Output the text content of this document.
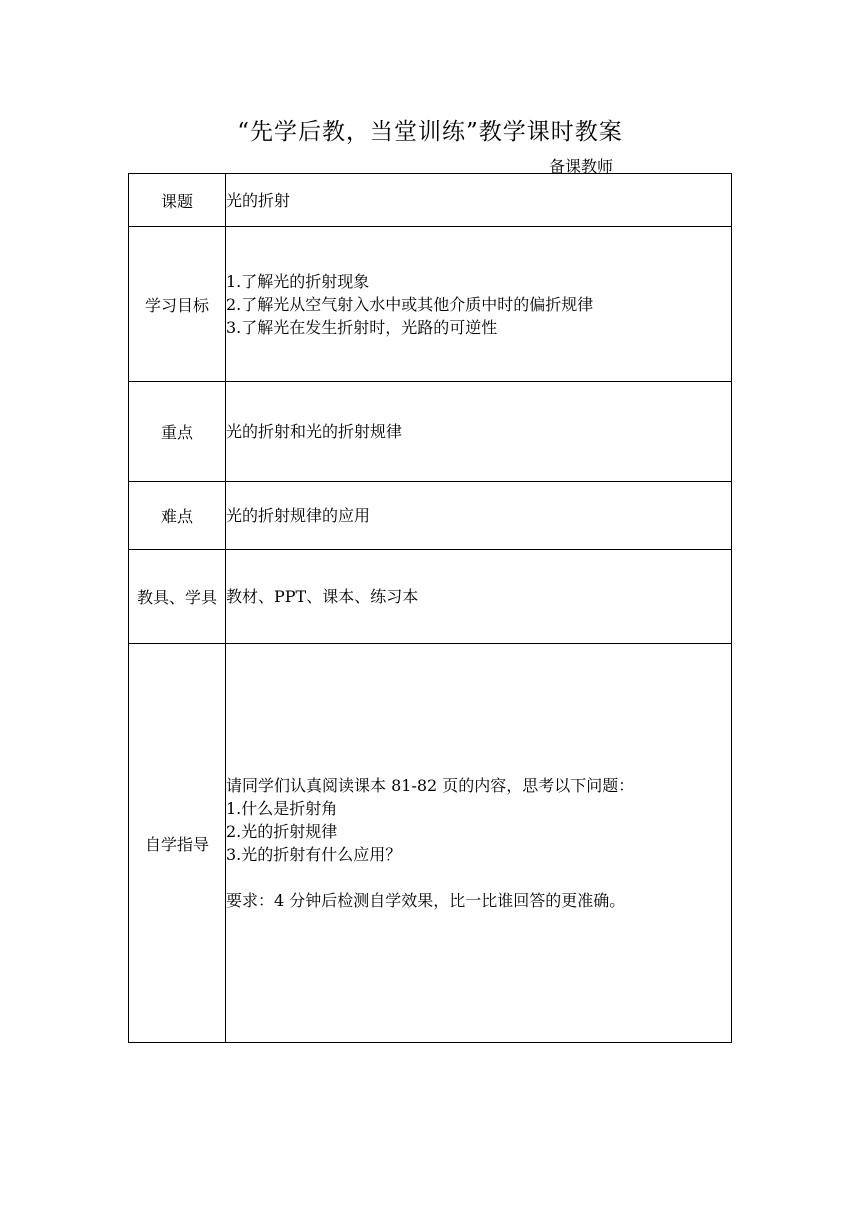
“先学后教，当堂训练”教学课时教案
备课教师
课题	光的折射
学习目标	1.了解光的折射现象
2.了解光从空气射入水中或其他介质中时的偏折规律
3.了解光在发生折射时，光路的可逆性

重点	光的折射和光的折射规律
难点	光的折射规律的应用
教具、学具	教材、PPT、课本、练习本
自学指导	请同学们认真阅读课本 81-82 页的内容，思考以下问题：
1.什么是折射角
2.光的折射规律
3.光的折射有什么应用？
要求：4 分钟后检测自学效果，比一比谁回答的更准确。
